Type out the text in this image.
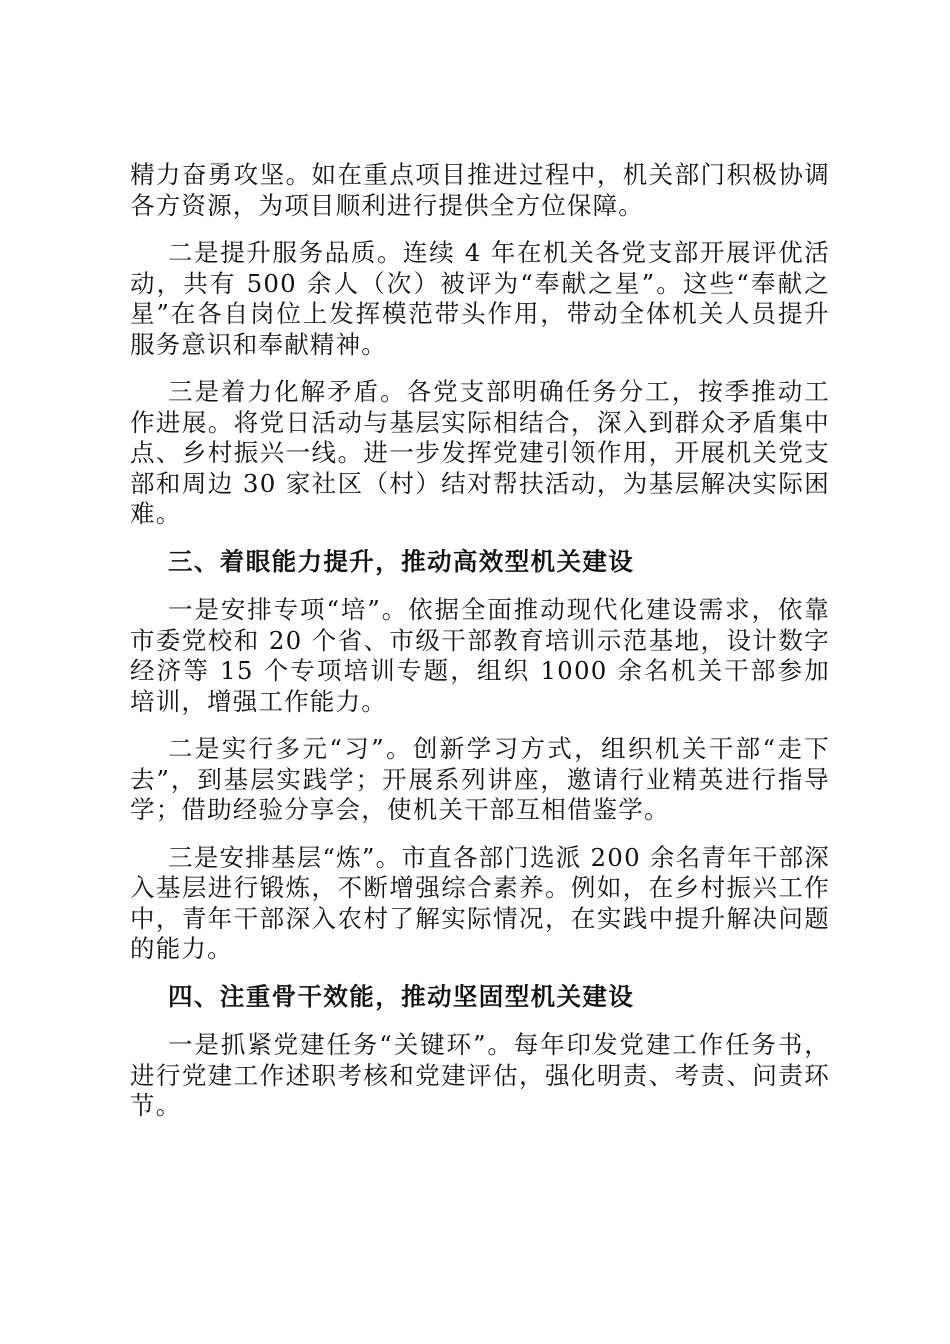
精力奋勇攻坚。如在重点项目推进过程中，机关部门积极协调各方资源，为项目顺利进行提供全方位保障。

二是提升服务品质。连续 4 年在机关各党支部开展评优活动，共有 500 余人（次）被评为“奉献之星”。这些“奉献之星”在各自岗位上发挥模范带头作用，带动全体机关人员提升服务意识和奉献精神。

三是着力化解矛盾。各党支部明确任务分工，按季推动工作进展。将党日活动与基层实际相结合，深入到群众矛盾集中点、乡村振兴一线。进一步发挥党建引领作用，开展机关党支部和周边 30 家社区（村）结对帮扶活动，为基层解决实际困难。

三、着眼能力提升，推动高效型机关建设

一是安排专项“培”。依据全面推动现代化建设需求，依靠市委党校和 20 个省、市级干部教育培训示范基地，设计数字经济等 15 个专项培训专题，组织 1000 余名机关干部参加培训，增强工作能力。

二是实行多元“习”。创新学习方式，组织机关干部“走下去”，到基层实践学；开展系列讲座，邀请行业精英进行指导学；借助经验分享会，使机关干部互相借鉴学。

三是安排基层“炼”。市直各部门选派 200 余名青年干部深入基层进行锻炼，不断增强综合素养。例如，在乡村振兴工作中，青年干部深入农村了解实际情况，在实践中提升解决问题的能力。

四、注重骨干效能，推动坚固型机关建设

一是抓紧党建任务“关键环”。每年印发党建工作任务书，进行党建工作述职考核和党建评估，强化明责、考责、问责环节。
